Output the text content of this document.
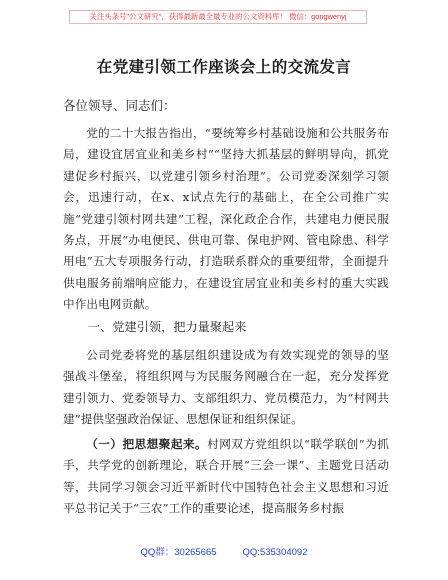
关注头条号"公文研究"，获得最新最全最专业的公文资料库！ 微信：gongwenyj
在党建引领工作座谈会上的交流发言

各位领导、同志们：

党的二十大报告指出，“要统筹乡村基础设施和公共服务布局，建设宜居宜业和美乡村”“坚持大抓基层的鲜明导向，抓党建促乡村振兴，以党建引领乡村治理”。公司党委深刻学习领会，迅速行动，在x、x试点先行的基础上，在全公司推广实施“党建引领村网共建”工程，深化政企合作，共建电力便民服务点，开展“办电便民、供电可靠、保电护网、管电除患、科学用电”五大专项服务行动，打造联系群众的重要纽带，全面提升供电服务前端响应能力，在建设宜居宜业和美乡村的重大实践中作出电网贡献。

一、党建引领，把力量聚起来

公司党委将党的基层组织建设成为有效实现党的领导的坚强战斗堡垒，将组织网与为民服务网融合在一起，充分发挥党建引领力、党委领导力、支部组织力、党员模范力，为“村网共建”提供坚强政治保证、思想保证和组织保证。

（一）把思想聚起来。村网双方党组织以“联学联创”为抓手，共学党的创新理论，联合开展“三会一课”、主题党日活动等，共同学习领会习近平新时代中国特色社会主义思想和习近平总书记关于“三农”工作的重要论述，提高服务乡村振

QQ群：30265665	QQ:535304092
